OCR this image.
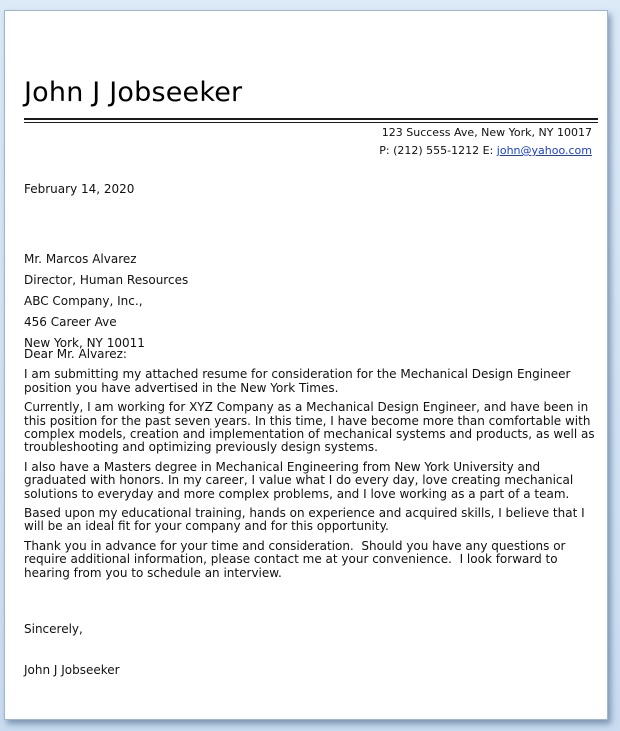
John J Jobseeker
123 Success Ave, New York, NY 10017
P: (212) 555-1212 E: john@yahoo.com
February 14, 2020
Mr. Marcos Alvarez
Director, Human Resources
ABC Company, Inc.,
456 Career Ave
New York, NY 10011

Dear Mr. Alvarez:

I am submitting my attached resume for consideration for the Mechanical Design Engineer position you have advertised in the New York Times.

Currently, I am working for XYZ Company as a Mechanical Design Engineer, and have been in this position for the past seven years. In this time, I have become more than comfortable with complex models, creation and implementation of mechanical systems and products, as well as troubleshooting and optimizing previously design systems.

I also have a Masters degree in Mechanical Engineering from New York University and graduated with honors. In my career, I value what I do every day, love creating mechanical solutions to everyday and more complex problems, and I love working as a part of a team.

Based upon my educational training, hands on experience and acquired skills, I believe that I will be an ideal fit for your company and for this opportunity.

Thank you in advance for your time and consideration.  Should you have any questions or require additional information, please contact me at your convenience.  I look forward to hearing from you to schedule an interview.

Sincerely,
John J Jobseeker
